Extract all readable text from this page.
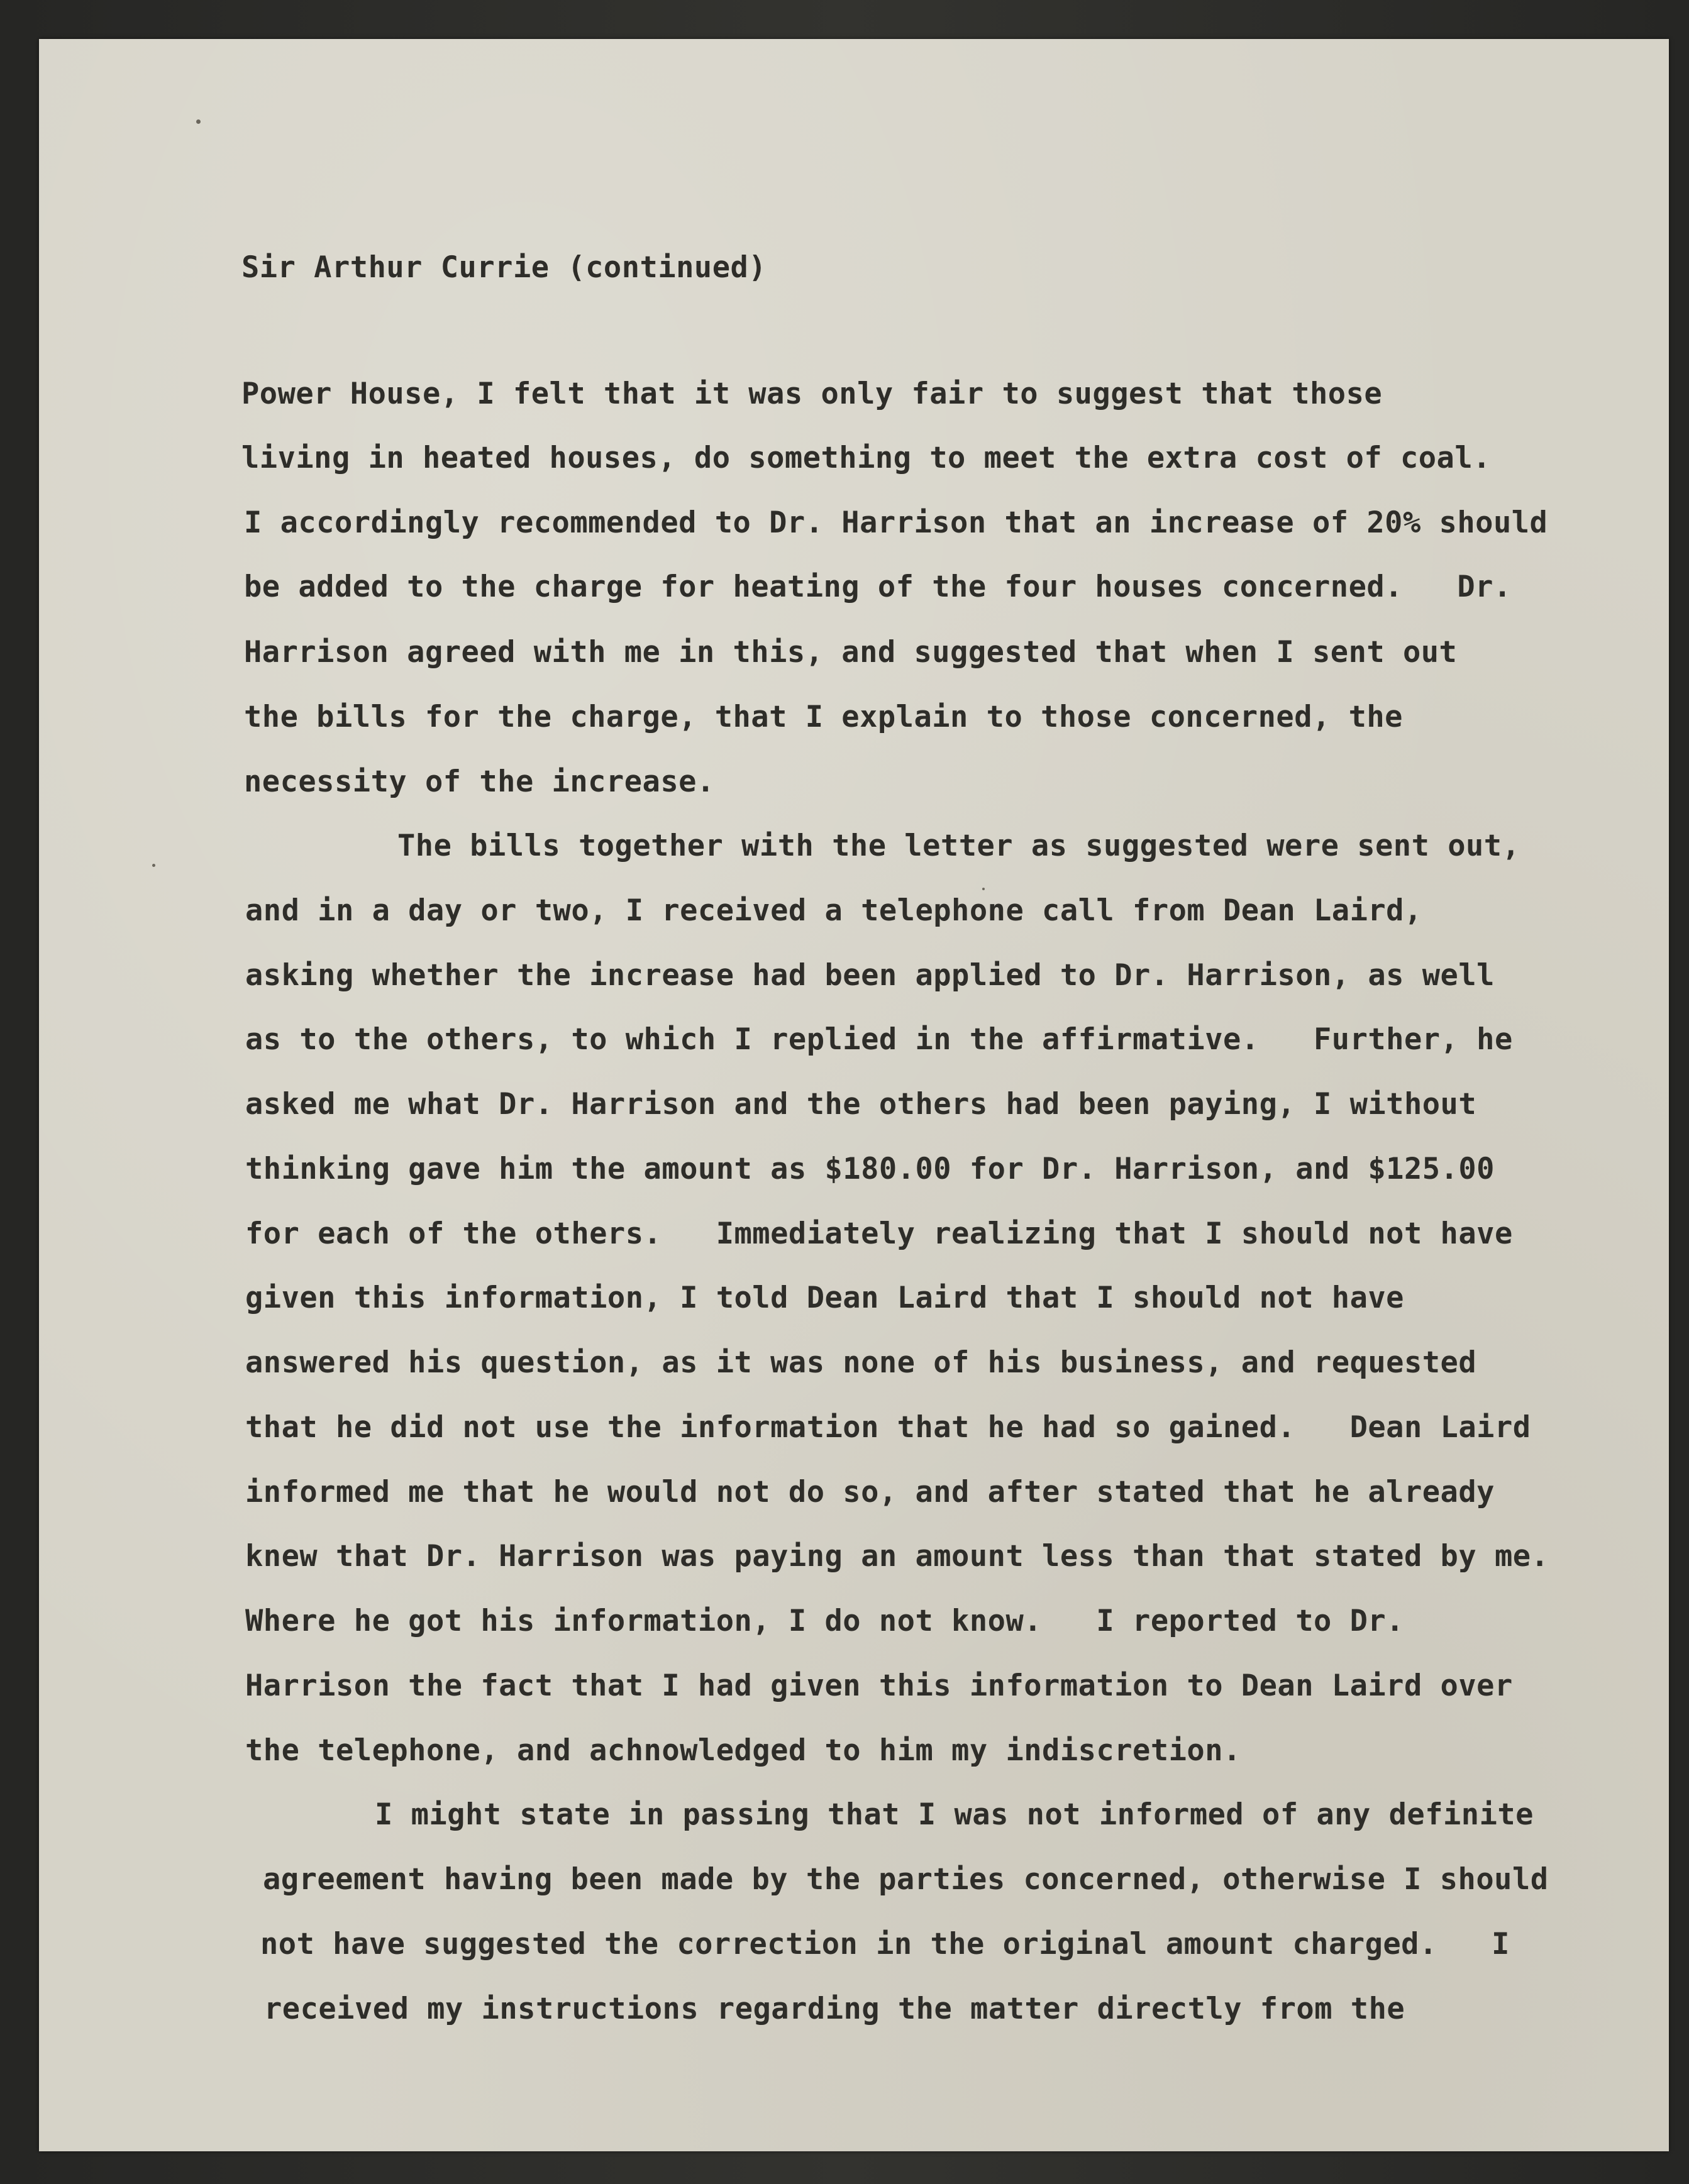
Sir Arthur Currie (continued)
Power House, I felt that it was only fair to suggest that those
living in heated houses, do something to meet the extra cost of coal.
I accordingly recommended to Dr. Harrison that an increase of 20% should
be added to the charge for heating of the four houses concerned.   Dr.
Harrison agreed with me in this, and suggested that when I sent out
the bills for the charge, that I explain to those concerned, the
necessity of the increase.
The bills together with the letter as suggested were sent out,
and in a day or two, I received a telephone call from Dean Laird,
asking whether the increase had been applied to Dr. Harrison, as well
as to the others, to which I replied in the affirmative.   Further, he
asked me what Dr. Harrison and the others had been paying, I without
thinking gave him the amount as $180.00 for Dr. Harrison, and $125.00
for each of the others.   Immediately realizing that I should not have
given this information, I told Dean Laird that I should not have
answered his question, as it was none of his business, and requested
that he did not use the information that he had so gained.   Dean Laird
informed me that he would not do so, and after stated that he already
knew that Dr. Harrison was paying an amount less than that stated by me.
Where he got his information, I do not know.   I reported to Dr.
Harrison the fact that I had given this information to Dean Laird over
the telephone, and achnowledged to him my indiscretion.
I might state in passing that I was not informed of any definite
agreement having been made by the parties concerned, otherwise I should
not have suggested the correction in the original amount charged.   I
received my instructions regarding the matter directly from the
